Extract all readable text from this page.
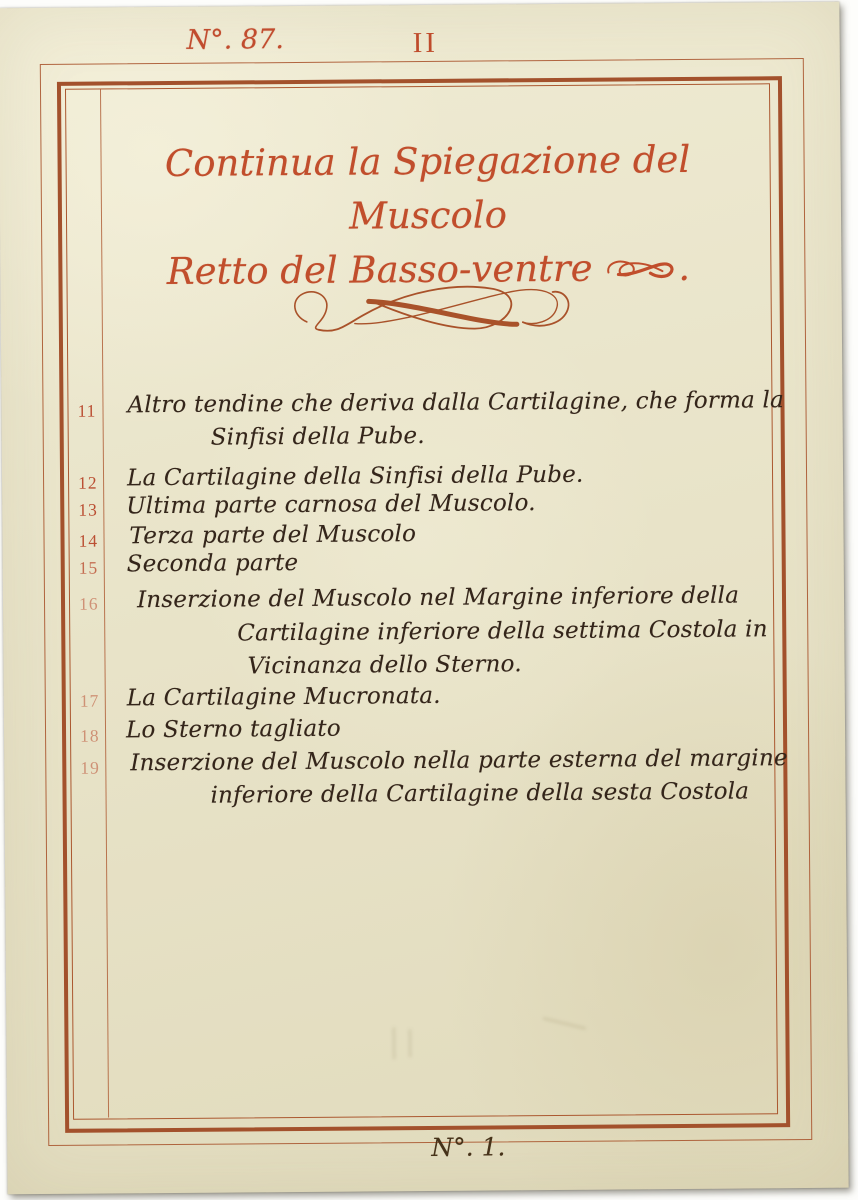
N°. 87.	II
Continua la Spiegazione del Muscolo
Retto del Basso-ventre .
11	Altro tendine che deriva dalla Cartilagine, che forma la
Sinfisi della Pube.
12 La Cartilagine della Sinfisi della Pube.
13 Ultima parte carnosa del Muscolo.
14 Terza parte del Muscolo
15 Seconda parte
16 Inserzione del Muscolo nel Margine inferiore della
Cartilagine inferiore della settima Costola in
Vicinanza dello Sterno.
17 La Cartilagine Mucronata.
18 Lo Sterno tagliato
19 Inserzione del Muscolo nella parte esterna del margine
inferiore della Cartilagine della sesta Costola
N°. 1.
